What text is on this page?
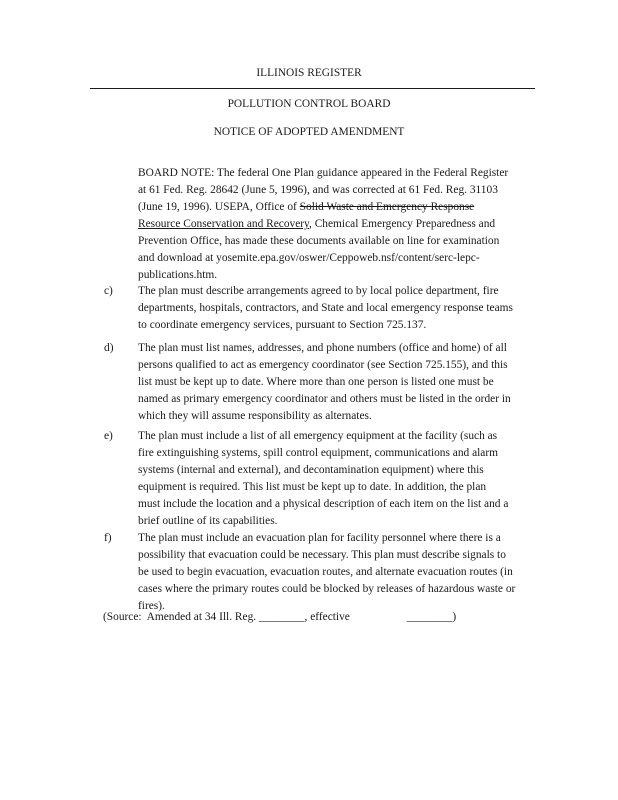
ILLINOIS REGISTER
POLLUTION CONTROL BOARD
NOTICE OF ADOPTED AMENDMENT
BOARD NOTE: The federal One Plan guidance appeared in the Federal Register
at 61 Fed. Reg. 28642 (June 5, 1996), and was corrected at 61 Fed. Reg. 31103
(June 19, 1996). USEPA, Office of Solid Waste and Emergency Response
Resource Conservation and Recovery, Chemical Emergency Preparedness and
Prevention Office, has made these documents available on line for examination
and download at yosemite.epa.gov/oswer/Ceppoweb.nsf/content/serc-lepc-
publications.htm.
c) The plan must describe arrangements agreed to by local police department, fire
departments, hospitals, contractors, and State and local emergency response teams
to coordinate emergency services, pursuant to Section 725.137.
d) The plan must list names, addresses, and phone numbers (office and home) of all
persons qualified to act as emergency coordinator (see Section 725.155), and this
list must be kept up to date. Where more than one person is listed one must be
named as primary emergency coordinator and others must be listed in the order in
which they will assume responsibility as alternates.
e) The plan must include a list of all emergency equipment at the facility (such as
fire extinguishing systems, spill control equipment, communications and alarm
systems (internal and external), and decontamination equipment) where this
equipment is required. This list must be kept up to date. In addition, the plan
must include the location and a physical description of each item on the list and a
brief outline of its capabilities.
f) The plan must include an evacuation plan for facility personnel where there is a
possibility that evacuation could be necessary. This plan must describe signals to
be used to begin evacuation, evacuation routes, and alternate evacuation routes (in
cases where the primary routes could be blocked by releases of hazardous waste or
fires).
(Source:  Amended at 34 Ill. Reg. ________, effective                    ________)
